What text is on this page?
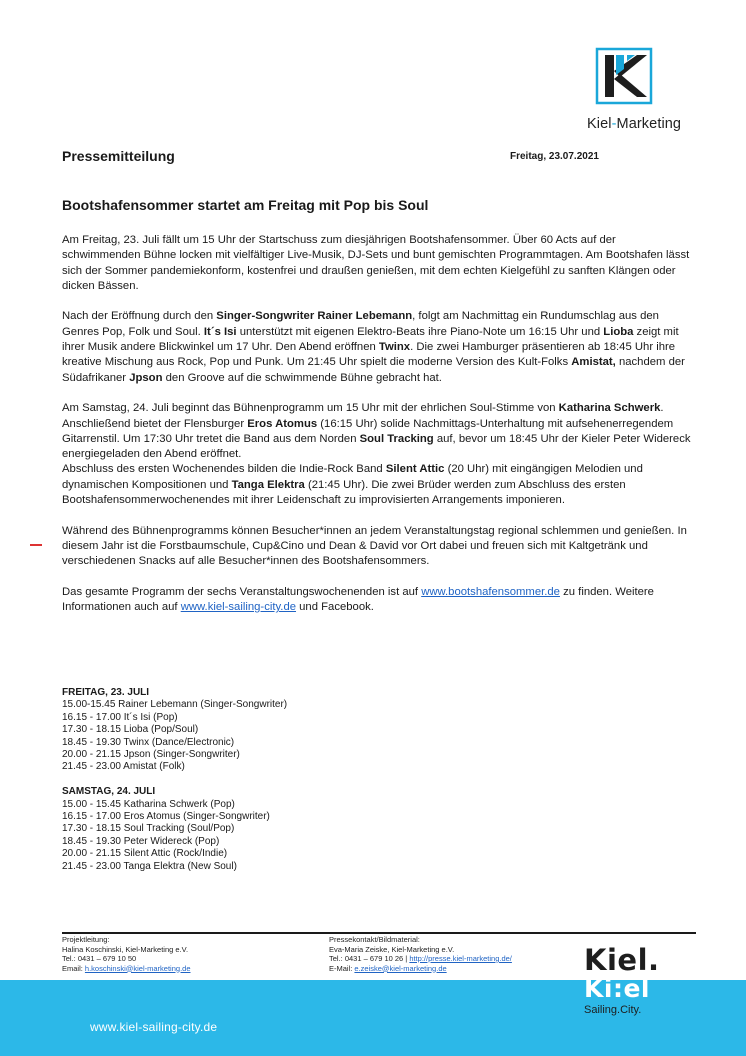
Kiel-Marketing
Pressemitteilung	Freitag, 23.07.2021
Bootshafensommer startet am Freitag mit Pop bis Soul

Am Freitag, 23. Juli fällt um 15 Uhr der Startschuss zum diesjährigen Bootshafensommer. Über 60 Acts auf der schwimmenden Bühne locken mit vielfältiger Live-Musik, DJ-Sets und bunt gemischten Programmtagen. Am Bootshafen lässt sich der Sommer pandemiekonform, kostenfrei und draußen genießen, mit dem echten Kielgefühl zu sanften Klängen oder dicken Bässen.

Nach der Eröffnung durch den Singer-Songwriter Rainer Lebemann, folgt am Nachmittag ein Rundumschlag aus den Genres Pop, Folk und Soul. It´s Isi unterstützt mit eigenen Elektro-Beats ihre Piano-Note um 16:15 Uhr und Lioba zeigt mit ihrer Musik andere Blickwinkel um 17 Uhr. Den Abend eröffnen Twinx. Die zwei Hamburger präsentieren ab 18:45 Uhr ihre kreative Mischung aus Rock, Pop und Punk. Um 21:45 Uhr spielt die moderne Version des Kult-Folks Amistat, nachdem der Südafrikaner Jpson den Groove auf die schwimmende Bühne gebracht hat.

Am Samstag, 24. Juli beginnt das Bühnenprogramm um 15 Uhr mit der ehrlichen Soul-Stimme von Katharina Schwerk. Anschließend bietet der Flensburger Eros Atomus (16:15 Uhr) solide Nachmittags-Unterhaltung mit aufsehenerregendem Gitarrenstil. Um 17:30 Uhr tretet die Band aus dem Norden Soul Tracking auf, bevor um 18:45 Uhr der Kieler Peter Widereck energiegeladen den Abend eröffnet.
Abschluss des ersten Wochenendes bilden die Indie-Rock Band Silent Attic (20 Uhr) mit eingängigen Melodien und dynamischen Kompositionen und Tanga Elektra (21:45 Uhr). Die zwei Brüder werden zum Abschluss des ersten Bootshafensommerwochenendes mit ihrer Leidenschaft zu improvisierten Arrangements imponieren.

Während des Bühnenprogramms können Besucher*innen an jedem Veranstaltungstag regional schlemmen und genießen. In diesem Jahr ist die Forstbaumschule, Cup&Cino und Dean & David vor Ort dabei und freuen sich mit Kaltgetränk und verschiedenen Snacks auf alle Besucher*innen des Bootshafensommers.

Das gesamte Programm der sechs Veranstaltungswochenenden ist auf www.bootshafensommer.de zu finden. Weitere Informationen auch auf www.kiel-sailing-city.de und Facebook.

FREITAG, 23. JULI
15.00-15.45 Rainer Lebemann (Singer-Songwriter)
16.15 - 17.00 It´s Isi (Pop)
17.30 - 18.15 Lioba (Pop/Soul)
18.45 - 19.30 Twinx (Dance/Electronic)
20.00 - 21.15 Jpson (Singer-Songwriter)
21.45 - 23.00 Amistat (Folk)
SAMSTAG, 24. JULI
15.00 - 15.45 Katharina Schwerk (Pop)
16.15 - 17.00 Eros Atomus (Singer-Songwriter)
17.30 - 18.15 Soul Tracking (Soul/Pop)
18.45 - 19.30 Peter Widereck (Pop)
20.00 - 21.15 Silent Attic (Rock/Indie)
21.45 - 23.00 Tanga Elektra (New Soul)
Projektleitung:
Halina Koschinski, Kiel-Marketing e.V.
Tel.: 0431 – 679 10 50
Email: h.koschinski@kiel-marketing.de
Pressekontakt/Bildmaterial:
Eva-Maria Zeiske, Kiel-Marketing e.V.
Tel.: 0431 – 679 10 26 | http://presse.kiel-marketing.de/
E-Mail: e.zeiske@kiel-marketing.de
www.kiel-sailing-city.de
Kiel.
Ki:el
Sailing.City.
